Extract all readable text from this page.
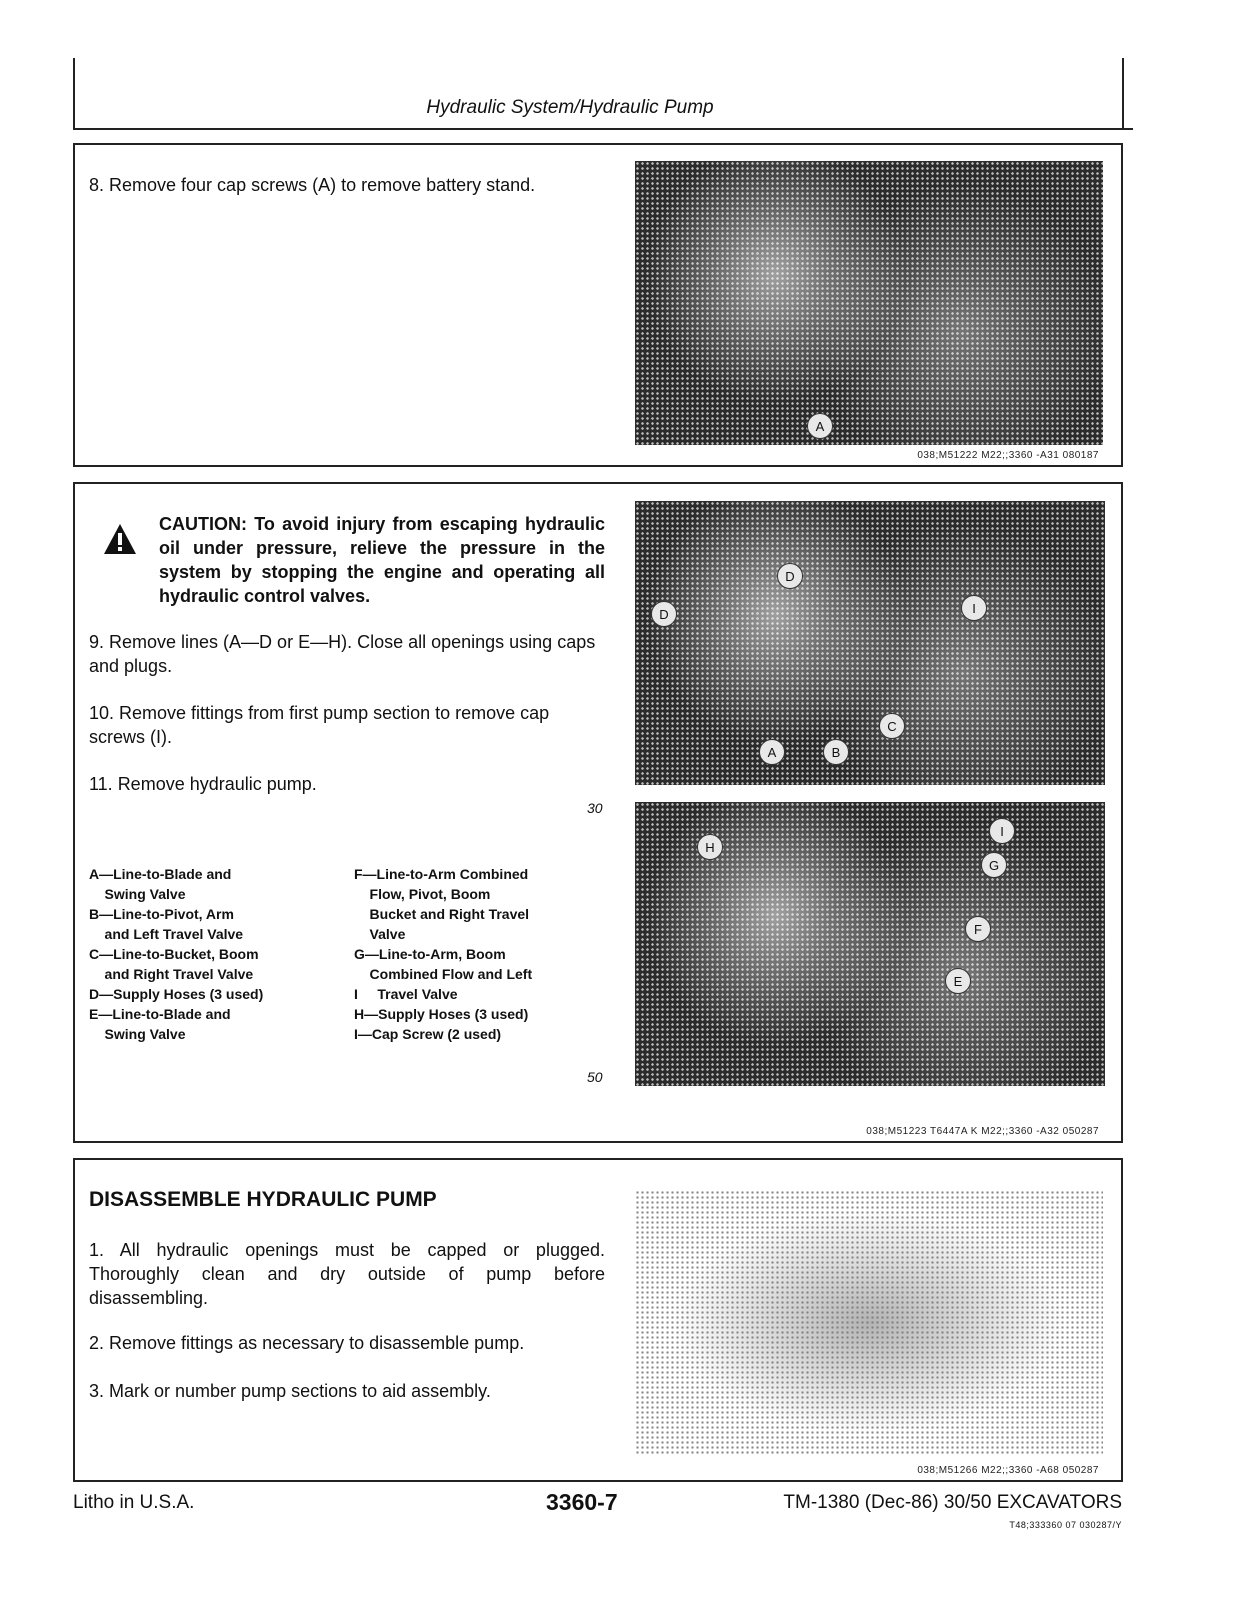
Hydraulic System/Hydraulic Pump
8. Remove four cap screws (A) to remove battery stand.
A
038;M51222 M22;;3360 -A31 080187
CAUTION: To avoid injury from escaping hydraulic oil under pressure, relieve the pressure in the system by stopping the engine and operating all hydraulic control valves.
9. Remove lines (A—D or E—H). Close all openings using caps and plugs.
10. Remove fittings from first pump section to remove cap screws (I).
11. Remove hydraulic pump.
30
A—Line-to-Blade and
Swing Valve
B—Line-to-Pivot, Arm
and Left Travel Valve
C—Line-to-Bucket, Boom
and Right Travel Valve
D—Supply Hoses (3 used)
E—Line-to-Blade and
Swing Valve
F—Line-to-Arm Combined
Flow, Pivot, Boom
Bucket and Right Travel
Valve
G—Line-to-Arm, Boom
Combined Flow and Left
I     Travel Valve
H—Supply Hoses (3 used)
I—Cap Screw (2 used)
50
D
D	I
C
A	B
H
I
G
F
E
038;M51223 T6447A K M22;;3360 -A32 050287
DISASSEMBLE HYDRAULIC PUMP
1. All hydraulic openings must be capped or plugged. Thoroughly clean and dry outside of pump before disassembling.
2. Remove fittings as necessary to disassemble pump.
3. Mark or number pump sections to aid assembly.
038;M51266 M22;;3360 -A68 050287
Litho in U.S.A.	3360-7	TM-1380 (Dec-86) 30/50 EXCAVATORS
T48;333360 07 030287/Y
